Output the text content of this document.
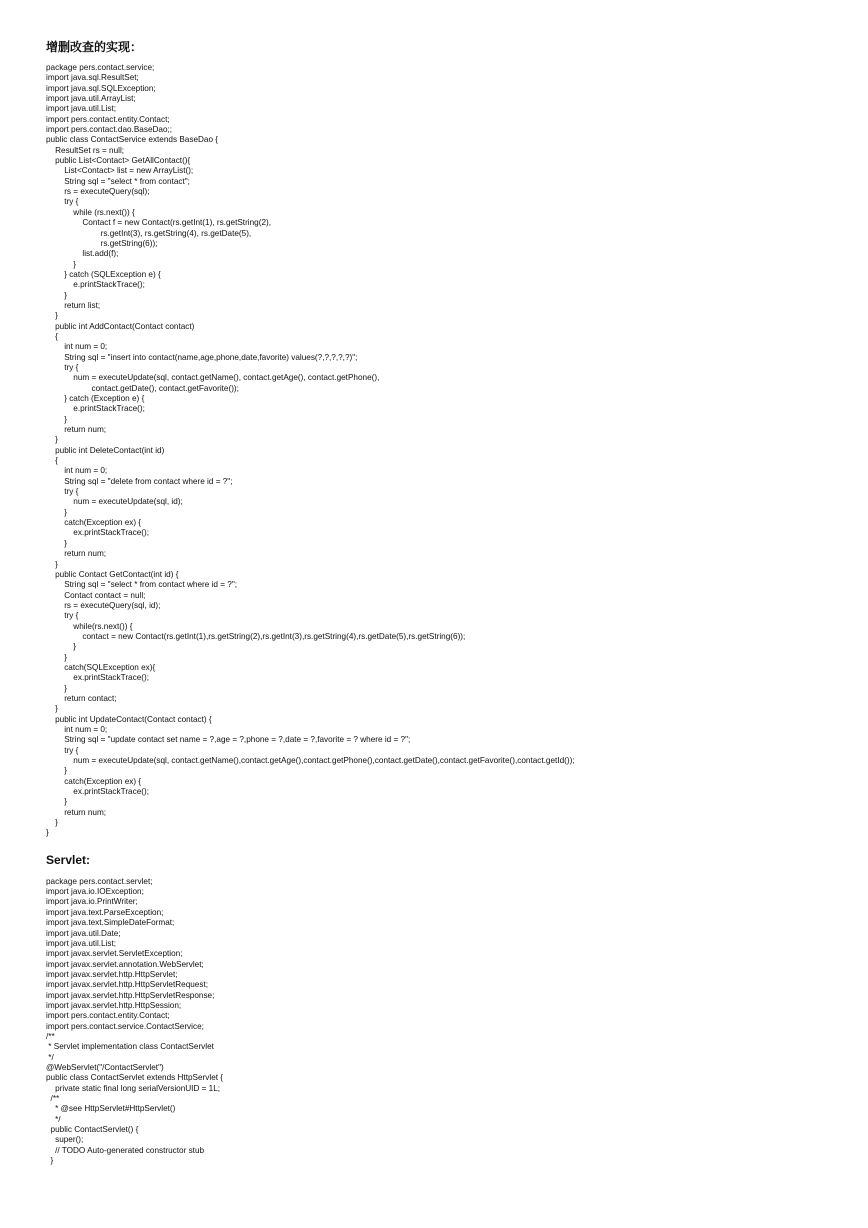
增删改查的实现：
package pers.contact.service;
import java.sql.ResultSet;
import java.sql.SQLException;
import java.util.ArrayList;
import java.util.List;
import pers.contact.entity.Contact;
import pers.contact.dao.BaseDao;;
public class ContactService extends BaseDao {
ResultSet rs = null;
public List<Contact> GetAllContact(){
List<Contact> list = new ArrayList();
String sql = "select * from contact";
rs = executeQuery(sql);
try {
while (rs.next()) {
Contact f = new Contact(rs.getInt(1), rs.getString(2),
rs.getInt(3), rs.getString(4), rs.getDate(5),
rs.getString(6));
list.add(f);
}
} catch (SQLException e) {
e.printStackTrace();
}
return list;
}
public int AddContact(Contact contact)
{
int num = 0;
String sql = "insert into contact(name,age,phone,date,favorite) values(?,?,?,?,?)";
try {
num = executeUpdate(sql, contact.getName(), contact.getAge(), contact.getPhone(),
contact.getDate(), contact.getFavorite());
} catch (Exception e) {
e.printStackTrace();
}
return num;
}
public int DeleteContact(int id)
{
int num = 0;
String sql = "delete from contact where id = ?";
try {
num = executeUpdate(sql, id);
}
catch(Exception ex) {
ex.printStackTrace();
}
return num;
}
public Contact GetContact(int id) {
String sql = "select * from contact where id = ?";
Contact contact = null;
rs = executeQuery(sql, id);
try {
while(rs.next()) {
contact = new Contact(rs.getInt(1),rs.getString(2),rs.getInt(3),rs.getString(4),rs.getDate(5),rs.getString(6));
}
}
catch(SQLException ex){
ex.printStackTrace();
}
return contact;
}
public int UpdateContact(Contact contact) {
int num = 0;
String sql = "update contact set name = ?,age = ?,phone = ?,date = ?,favorite = ? where id = ?";
try {
num = executeUpdate(sql, contact.getName(),contact.getAge(),contact.getPhone(),contact.getDate(),contact.getFavorite(),contact.getId());
}
catch(Exception ex) {
ex.printStackTrace();
}
return num;
}
}
Servlet:
package pers.contact.servlet;
import java.io.IOException;
import java.io.PrintWriter;
import java.text.ParseException;
import java.text.SimpleDateFormat;
import java.util.Date;
import java.util.List;
import javax.servlet.ServletException;
import javax.servlet.annotation.WebServlet;
import javax.servlet.http.HttpServlet;
import javax.servlet.http.HttpServletRequest;
import javax.servlet.http.HttpServletResponse;
import javax.servlet.http.HttpSession;
import pers.contact.entity.Contact;
import pers.contact.service.ContactService;
/**
* Servlet implementation class ContactServlet
*/
@WebServlet("/ContactServlet")
public class ContactServlet extends HttpServlet {
private static final long serialVersionUID = 1L;
/**
* @see HttpServlet#HttpServlet()
*/
public ContactServlet() {
super();
// TODO Auto-generated constructor stub
}
